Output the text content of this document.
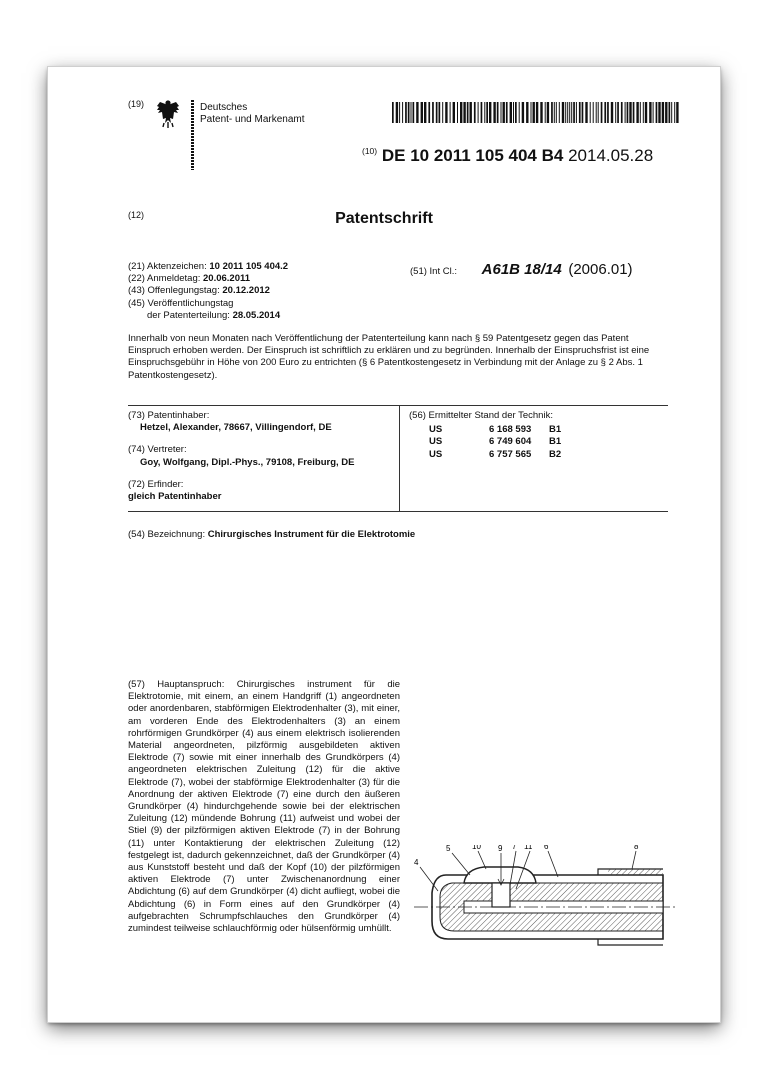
(19)	Deutsches
Patent- und Markenamt
$^{(10)}$ DE 10 2011 105 404 B4 2014.05.28
(12)	Patentschrift
(21) Aktenzeichen: 10 2011 105 404.2
(22) Anmeldetag: 20.06.2011
(43) Offenlegungstag: 20.12.2012
(45) Veröffentlichungstag
der Patenterteilung: 28.05.2014
(51) Int Cl.: A61B 18/14 (2006.01)
Innerhalb von neun Monaten nach Veröffentlichung der Patenterteilung kann nach § 59 Patentgesetz gegen das Patent Einspruch erhoben werden. Der Einspruch ist schriftlich zu erklären und zu begründen. Innerhalb der Einspruchsfrist ist eine Einspruchsgebühr in Höhe von 200 Euro zu entrichten (§ 6 Patentkostengesetz in Verbindung mit der Anlage zu § 2 Abs. 1 Patentkostengesetz).
(73) Patentinhaber:
Hetzel, Alexander, 78667, Villingendorf, DE
(74) Vertreter:
Goy, Wolfgang, Dipl.-Phys., 79108, Freiburg, DE
(72) Erfinder:
gleich Patentinhaber
(56) Ermittelter Stand der Technik:
US	6 168 593	B1
US	6 749 604	B1
US	6 757 565	B2
(54) Bezeichnung: Chirurgisches Instrument für die Elektrotomie
(57) Hauptanspruch: Chirurgisches instrument für die Elektrotomie, mit einem, an einem Handgriff (1) angeordneten oder anordenbaren, stabförmigen Elektrodenhalter (3), mit einer, am vorderen Ende des Elektrodenhalters (3) an einem rohrförmigen Grundkörper (4) aus einem elektrisch isolierenden Material angeordneten, pilzförmig ausgebildeten aktiven Elektrode (7) sowie mit einer innerhalb des Grundkörpers (4) angeordneten elektrischen Zuleitung (12) für die aktive Elektrode (7), wobei der stabförmige Elektrodenhalter (3) für die Anordnung der aktiven Elektrode (7) eine durch den äußeren Grundkörper (4) hindurchgehende sowie bei der elektrischen Zuleitung (12) mündende Bohrung (11) aufweist und wobei der Stiel (9) der pilzförmigen aktiven Elektrode (7) in der Bohrung (11) unter Kontaktierung der elektrischen Zuleitung (12) festgelegt ist, dadurch gekennzeichnet, daß der Grundkörper (4) aus Kunststoff besteht und daß der Kopf (10) der pilzförmigen aktiven Elektrode (7) unter Zwischenanordnung einer Abdichtung (6) auf dem Grundkörper (4) dicht aufliegt, wobei die Abdichtung (6) in Form eines auf den Grundkörper (4) aufgebrachten Schrumpfschlauches den Grundkörper (4) zumindest teilweise schlauchförmig oder hülsenförmig umhüllt.
4
5	10 9 7 11 6	8
